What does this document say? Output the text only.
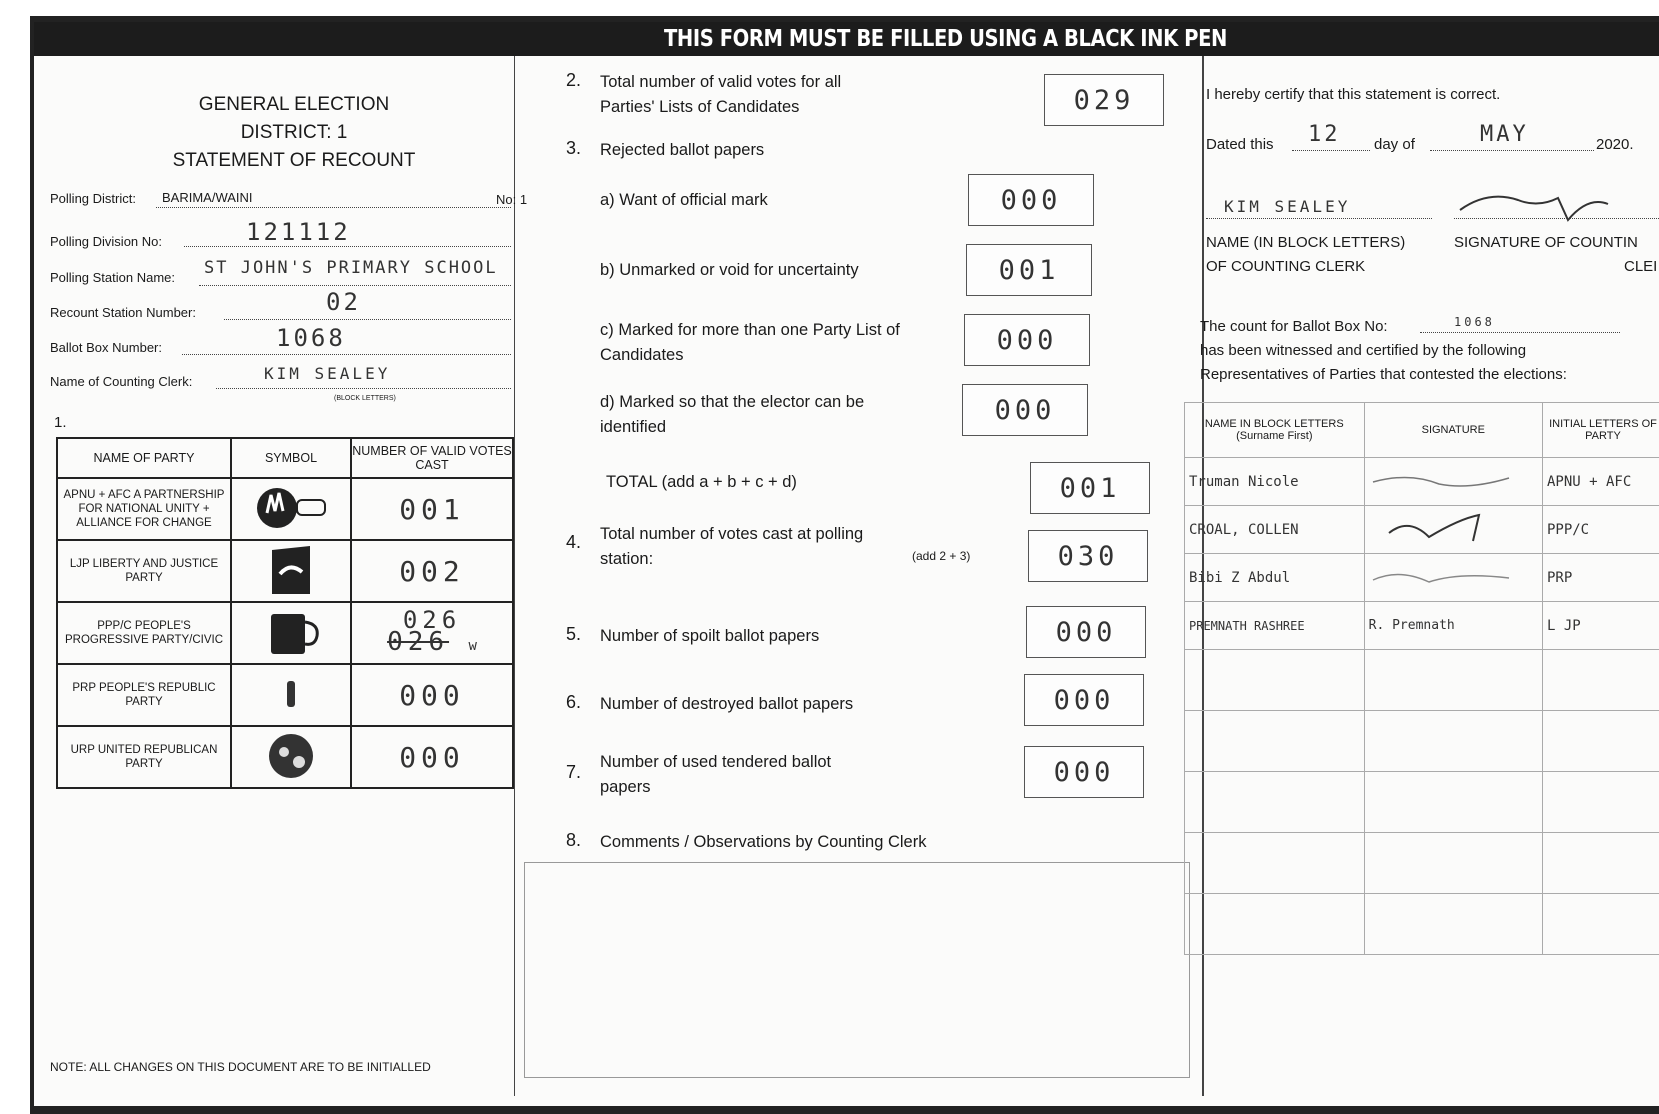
THIS FORM MUST BE FILLED USING A BLACK INK PEN
GENERAL ELECTION
DISTRICT: 1
STATEMENT OF RECOUNT
Polling District: BARIMA/WAINI	No: 1
Polling Division No:	121112
Polling Station Name: ST JOHN'S PRIMARY SCHOOL
Recount Station Number:	02
Ballot Box Number:	1068
Name of Counting Clerk:	KIM SEALEY
(BLOCK LETTERS)
1.
NAME OF PARTY	SYMBOL	NUMBER OF VALID VOTES CAST
APNU + AFC A PARTNERSHIP FOR NATIONAL UNITY + ALLIANCE FOR CHANGE		001
LJP LIBERTY AND JUSTICE PARTY		002
PPP/C PEOPLE'S PROGRESSIVE PARTY/CIVIC		026
026 w
PRP PEOPLE'S REPUBLIC PARTY		000
URP UNITED REPUBLICAN PARTY		000
NOTE: ALL CHANGES ON THIS DOCUMENT ARE TO BE INITIALLED
2. Total number of valid votes for all Parties' Lists of Candidates	029
3. Rejected ballot papers
a) Want of official mark	000
b) Unmarked or void for uncertainty	001
c) Marked for more than one Party List of Candidates	000
d) Marked so that the elector can be identified
000
TOTAL (add a + b + c + d)	001
4. Total number of votes cast at polling station:	(add 2 + 3)	030
5. Number of spoilt ballot papers	000
6. Number of destroyed ballot papers	000
7. Number of used tendered ballot papers	000
8. Comments / Observations by Counting Clerk
I hereby certify that this statement is correct.
Dated this 12 day of	MAY	2020.
KIM SEALEY
NAME (IN BLOCK LETTERS)
OF COUNTING CLERK
SIGNATURE OF COUNTIN
CLEI
The count for Ballot Box No:	1068
has been witnessed and certified by the following
Representatives of Parties that contested the elections:
NAME IN BLOCK LETTERS (Surname First)	SIGNATURE	INITIAL LETTERS OF PARTY
Truman Nicole		APNU + AFC
CROAL, COLLEN		PPP/C
Bibi Z Abdul		PRP
PREMNATH RASHREE	R. Premnath	L JP
